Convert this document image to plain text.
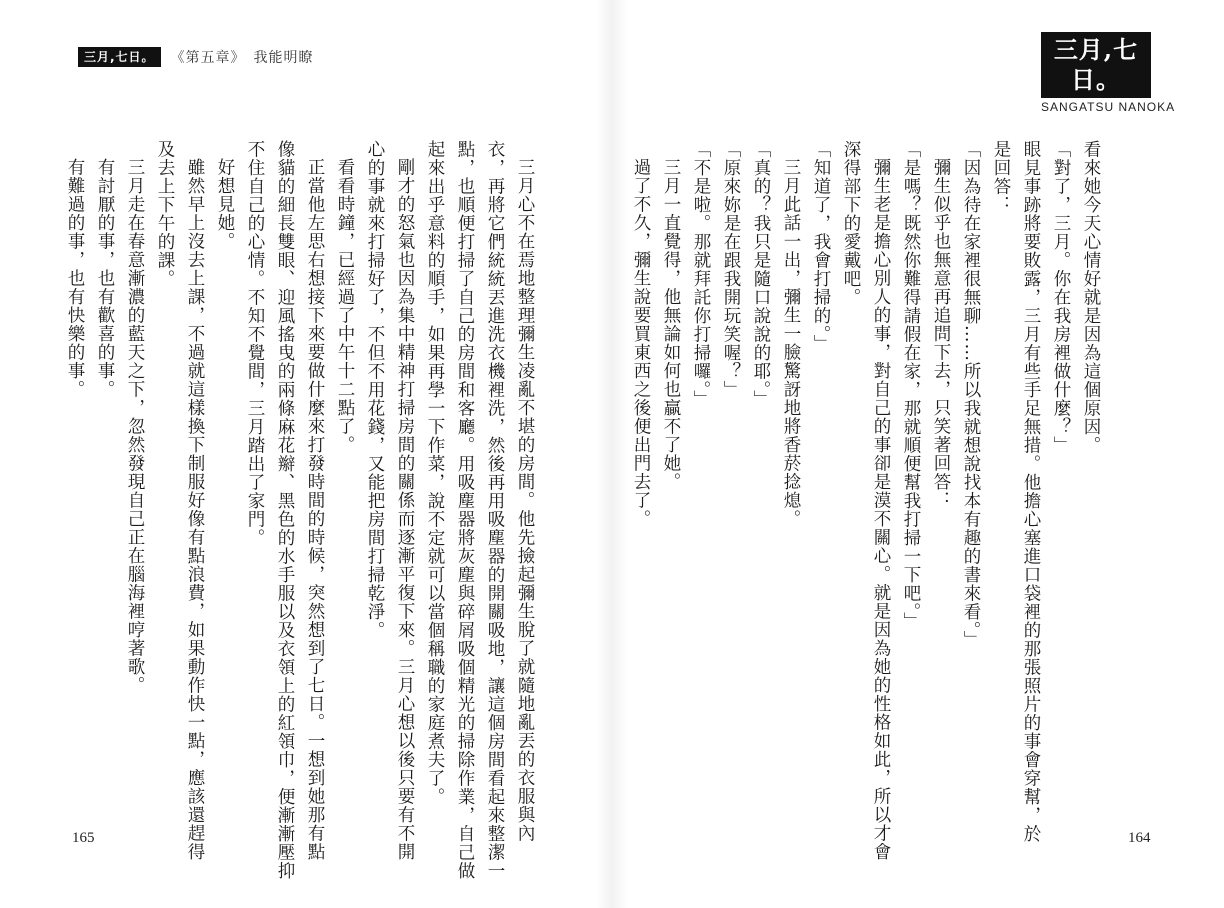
三月,七日。	《第五章》　我能明瞭	三月,七日。
SANGATSU NANOKA

看來她今天心情好就是因為這個原因。

「對了，三月。你在我房裡做什麼？」

眼見事跡將要敗露，三月有些手足無措。他擔心塞進口袋裡的那張照片的事會穿幫，於

是回答：

「因為待在家裡很無聊……所以我就想說找本有趣的書來看。」

彌生似乎也無意再追問下去，只笑著回答：

「是嗎？既然你難得請假在家，那就順便幫我打掃一下吧。」

彌生老是擔心別人的事，對自己的事卻是漠不關心。就是因為她的性格如此，所以才會

深得部下的愛戴吧。

「知道了，我會打掃的。」

三月此話一出，彌生一臉驚訝地將香菸捻熄。

「真的？我只是隨口說說的耶。」

「原來妳是在跟我開玩笑喔？」

「不是啦。那就拜託你打掃囉。」

三月一直覺得，他無論如何也贏不了她。

過了不久，彌生說要買東西之後便出門去了。

三月心不在焉地整理彌生凌亂不堪的房間。他先撿起彌生脫了就隨地亂丟的衣服與內

衣，再將它們統統丟進洗衣機裡洗，然後再用吸塵器的開關吸地，讓這個房間看起來整潔一

點，也順便打掃了自己的房間和客廳。用吸塵器將灰塵與碎屑吸個精光的掃除作業，自己做

起來出乎意料的順手，如果再學一下作菜，說不定就可以當個稱職的家庭煮夫了。

剛才的怒氣也因為集中精神打掃房間的關係而逐漸平復下來。三月心想以後只要有不開

心的事就來打掃好了，不但不用花錢，又能把房間打掃乾淨。

看看時鐘，已經過了中午十二點了。

正當他左思右想接下來要做什麼來打發時間的時候，突然想到了七日。一想到她那有點

像貓的細長雙眼、迎風搖曳的兩條麻花辮、黑色的水手服以及衣領上的紅領巾，便漸漸壓抑

不住自己的心情。不知不覺間，三月踏出了家門。

好想見她。

雖然早上沒去上課，不過就這樣換下制服好像有點浪費，如果動作快一點，應該還趕得

及去上下午的課。

三月走在春意漸濃的藍天之下，忽然發現自己正在腦海裡哼著歌。

有討厭的事，也有歡喜的事。

有難過的事，也有快樂的事。

165	164
